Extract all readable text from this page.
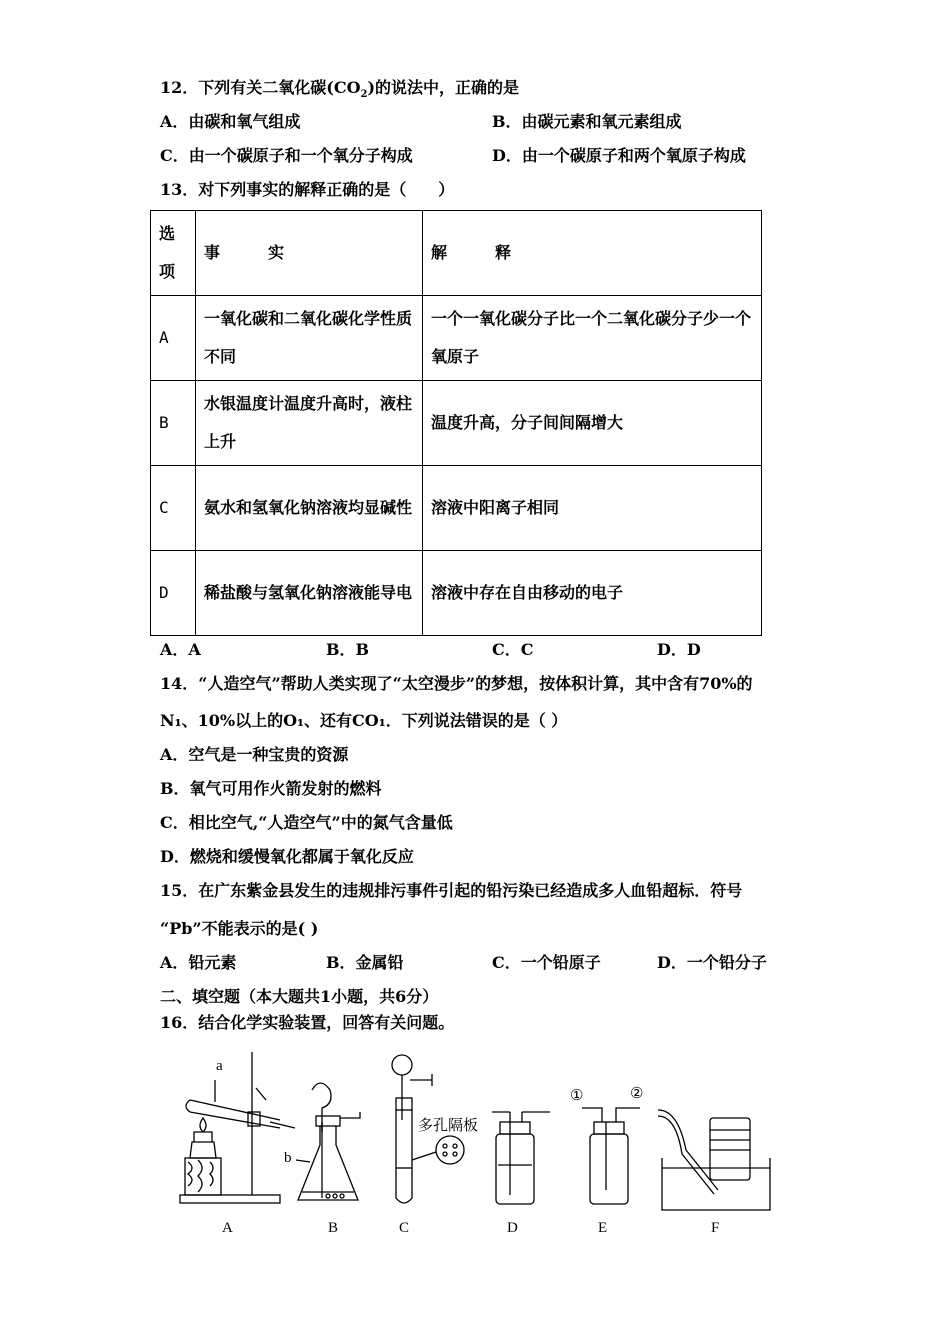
12．下列有关二氧化碳$(CO_2)$的说法中，正确的是
A．由碳和氧气组成	B．由碳元素和氧元素组成
C．由一个碳原子和一个氧分子构成	D．由一个碳原子和两个氧原子构成
13．对下列事实的解释正确的是（　　）
选
项	事　　　实	解　　　释
A	一氧化碳和二氧化碳化学性质不同	一个一氧化碳分子比一个二氧化碳分子少一个氧原子
B	水银温度计温度升高时，液柱上升	温度升高，分子间间隔增大
C	氨水和氢氧化钠溶液均显碱性	溶液中阳离子相同
D	稀盐酸与氢氧化钠溶液能导电	溶液中存在自由移动的电子
A．A	B．B	C．C	D．D
14．“人造空气”帮助人类实现了“太空漫步”的梦想，按体积计算，其中含有70%的
N₁、10%以上的O₁、还有CO₁．下列说法错误的是（ ）
A．空气是一种宝贵的资源
B．氧气可用作火箭发射的燃料
C．相比空气,“人造空气”中的氮气含量低
D．燃烧和缓慢氧化都属于氧化反应
15．在广东紫金县发生的违规排污事件引起的铅污染已经造成多人血铅超标．符号
“Pb”不能表示的是( )
A．铅元素	B．金属铅	C．一个铅原子	D．一个铅分子
二、填空题（本大题共1小题，共6分）
16．结合化学实验装置，回答有关问题。
a
b
多孔隔板
①	②
A	B	C	D	E	F
